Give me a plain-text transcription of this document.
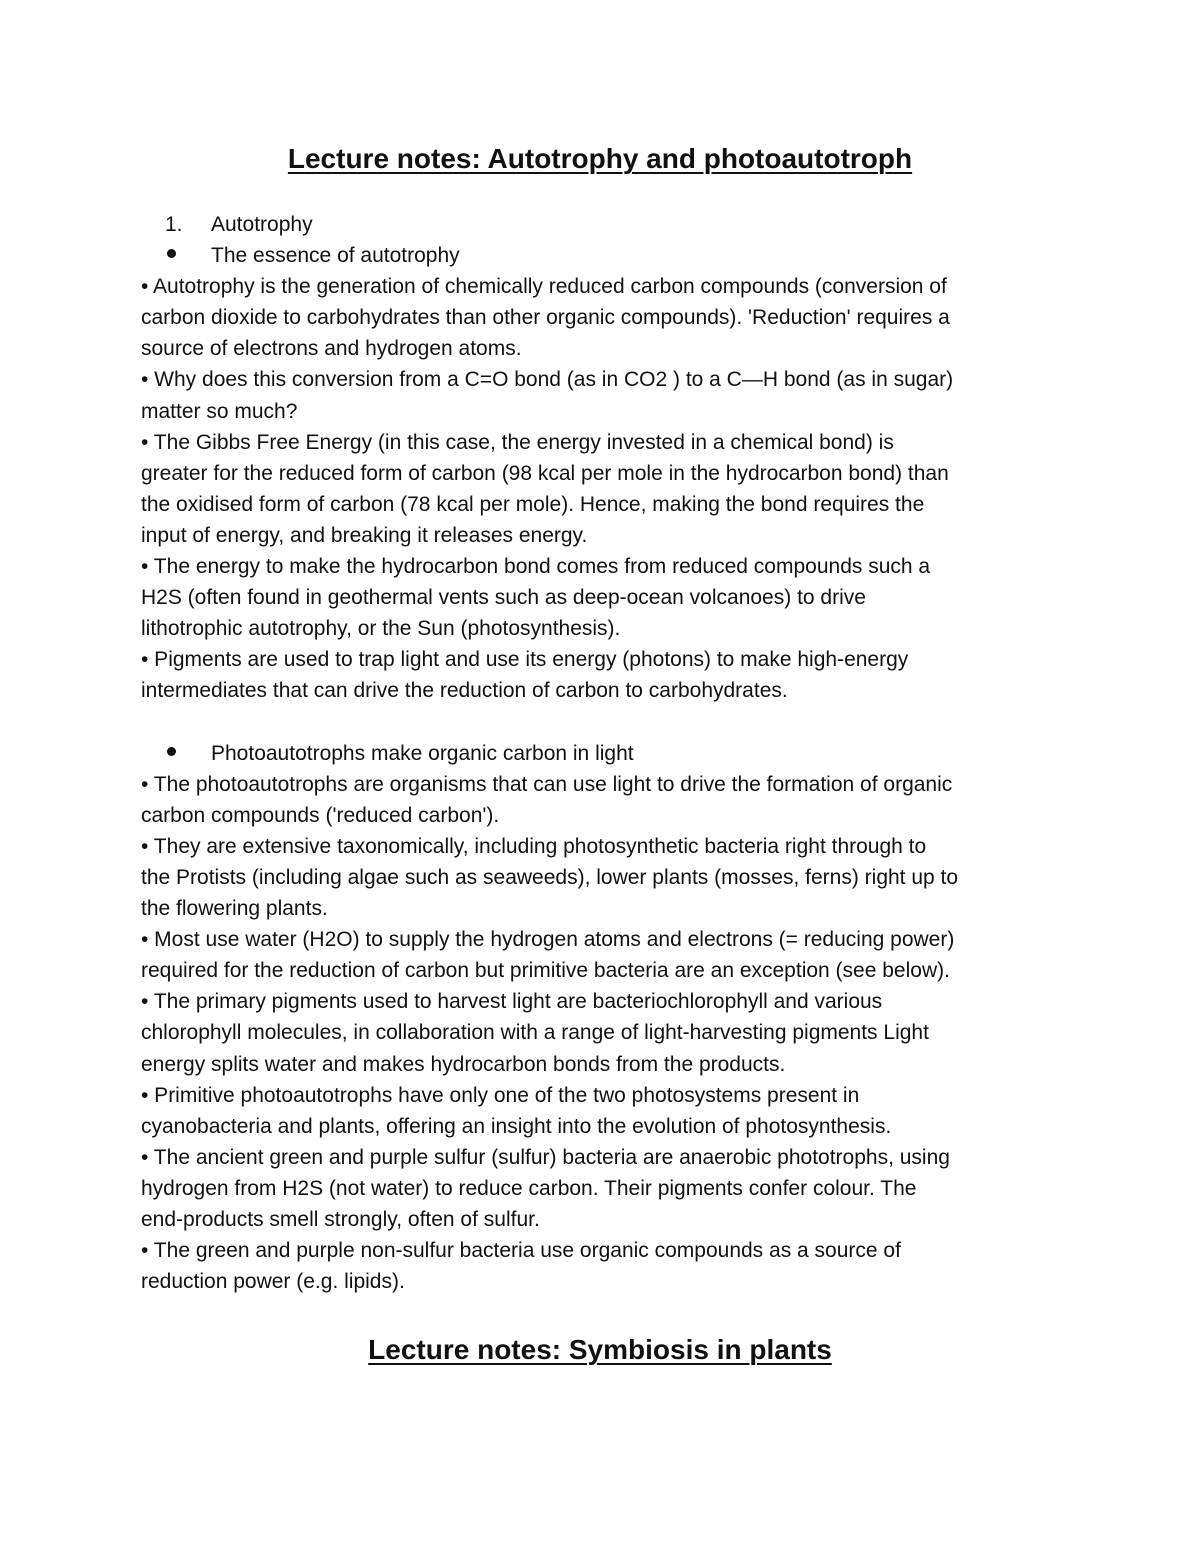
Lecture notes: Autotrophy and photoautotroph

1. Autotrophy

The essence of autotrophy

• Autotrophy is the generation of chemically reduced carbon compounds (conversion of

carbon dioxide to carbohydrates than other organic compounds). 'Reduction' requires a

source of electrons and hydrogen atoms.

• Why does this conversion from a C=O bond (as in CO2 ) to a C—H bond (as in sugar)

matter so much?

• The Gibbs Free Energy (in this case, the energy invested in a chemical bond) is

greater for the reduced form of carbon (98 kcal per mole in the hydrocarbon bond) than

the oxidised form of carbon (78 kcal per mole). Hence, making the bond requires the

input of energy, and breaking it releases energy.

• The energy to make the hydrocarbon bond comes from reduced compounds such a

H2S (often found in geothermal vents such as deep-ocean volcanoes) to drive

lithotrophic autotrophy, or the Sun (photosynthesis).

• Pigments are used to trap light and use its energy (photons) to make high-energy

intermediates that can drive the reduction of carbon to carbohydrates.

Photoautotrophs make organic carbon in light

• The photoautotrophs are organisms that can use light to drive the formation of organic

carbon compounds ('reduced carbon').

• They are extensive taxonomically, including photosynthetic bacteria right through to

the Protists (including algae such as seaweeds), lower plants (mosses, ferns) right up to

the flowering plants.

• Most use water (H2O) to supply the hydrogen atoms and electrons (= reducing power)

required for the reduction of carbon but primitive bacteria are an exception (see below).

• The primary pigments used to harvest light are bacteriochlorophyll and various

chlorophyll molecules, in collaboration with a range of light-harvesting pigments Light

energy splits water and makes hydrocarbon bonds from the products.

• Primitive photoautotrophs have only one of the two photosystems present in

cyanobacteria and plants, offering an insight into the evolution of photosynthesis.

• The ancient green and purple sulfur (sulfur) bacteria are anaerobic phototrophs, using

hydrogen from H2S (not water) to reduce carbon. Their pigments confer colour. The

end-products smell strongly, often of sulfur.

• The green and purple non-sulfur bacteria use organic compounds as a source of

reduction power (e.g. lipids).

Lecture notes: Symbiosis in plants
